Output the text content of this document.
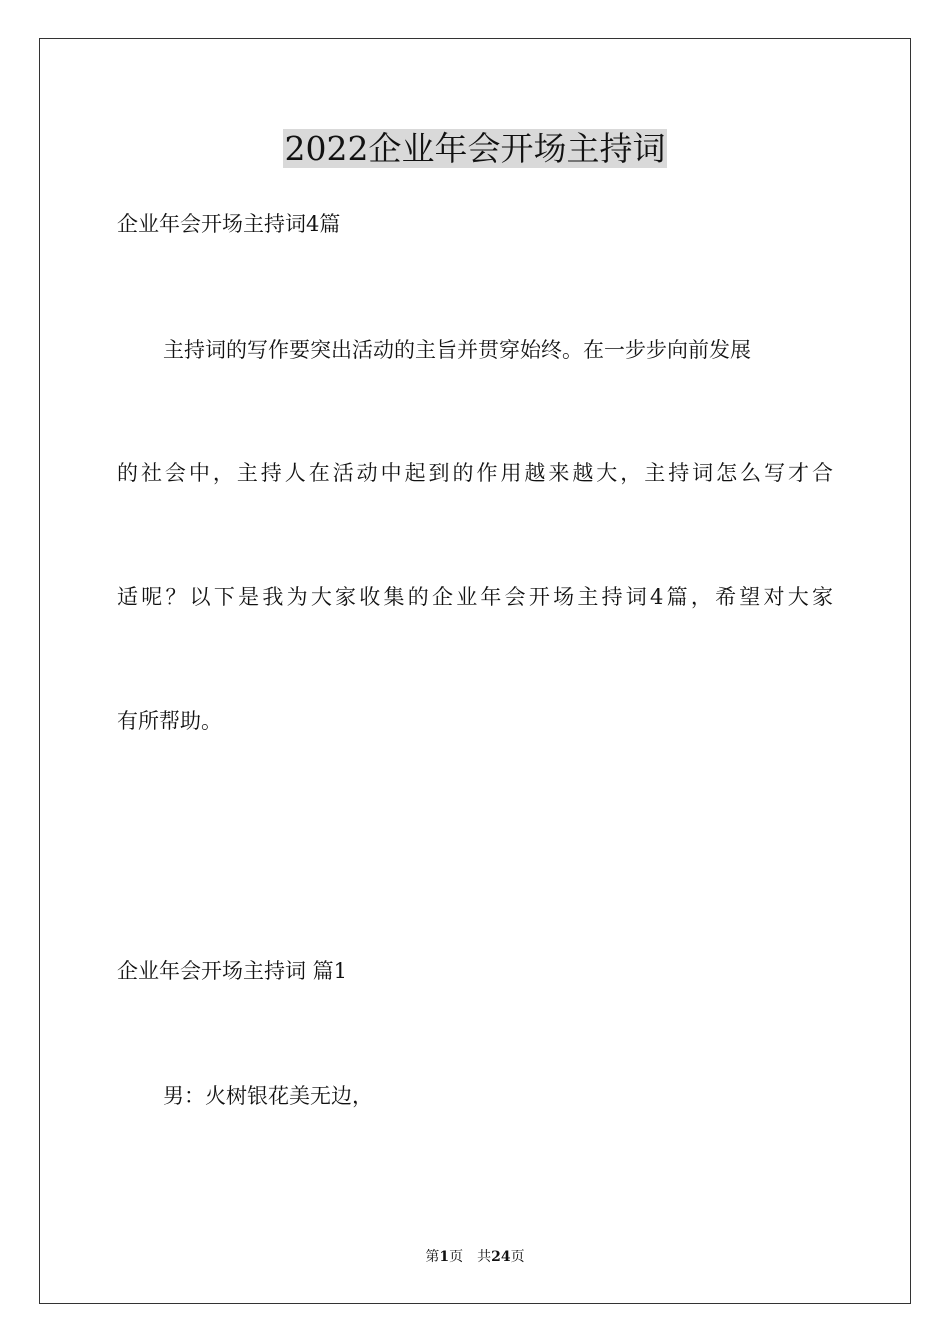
2022企业年会开场主持词

企业年会开场主持词4篇

主持词的写作要突出活动的主旨并贯穿始终。在一步步向前发展

的社会中，主持人在活动中起到的作用越来越大，主持词怎么写才合

适呢？以下是我为大家收集的企业年会开场主持词4篇，希望对大家

有所帮助。

企业年会开场主持词 篇1

男：火树银花美无边，

第1页 共24页
